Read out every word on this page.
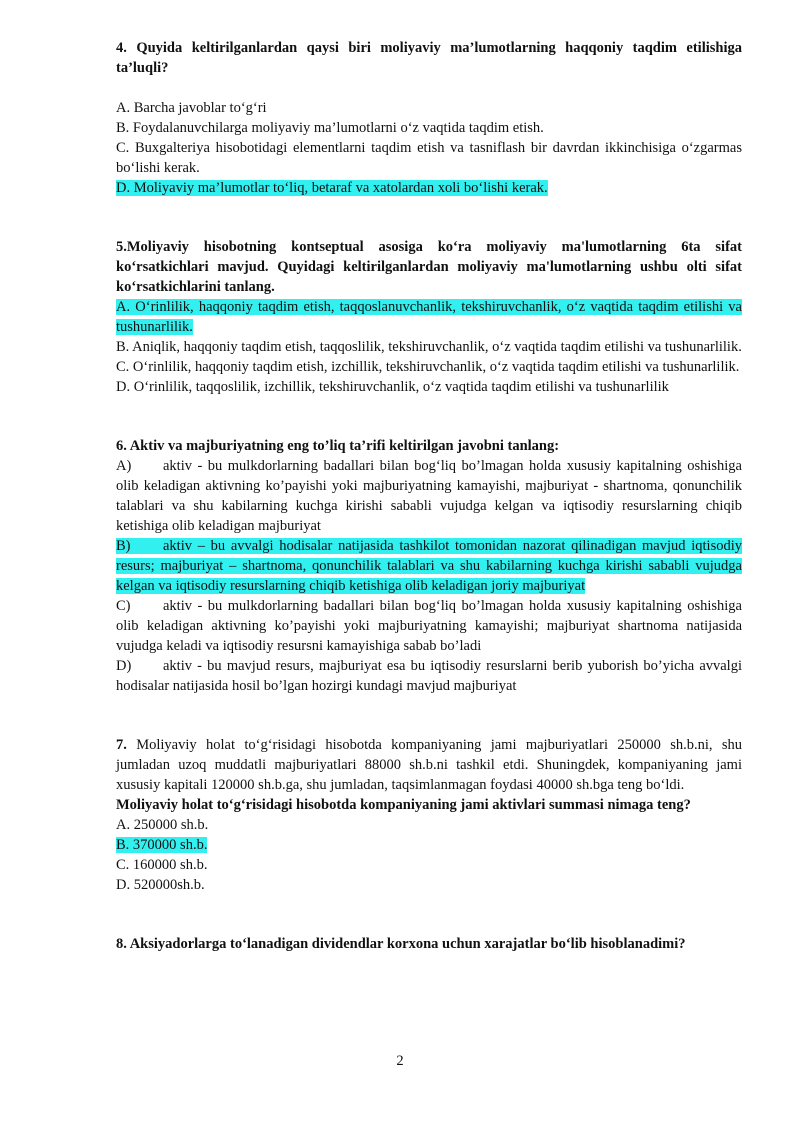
4. Quyida keltirilganlardan qaysi biri moliyaviy ma’lumotlarning haqqoniy taqdim etilishiga ta’luqli?
A. Barcha javoblar to‘g‘ri
B. Foydalanuvchilarga moliyaviy ma’lumotlarni o‘z vaqtida taqdim etish.
C. Buxgalteriya hisobotidagi elementlarni taqdim etish va tasniflash bir davrdan ikkinchisiga o‘zgarmas bo‘lishi kerak.
D. Moliyaviy ma’lumotlar to‘liq, betaraf va xatolardan xoli bo‘lishi kerak.
5.Moliyaviy hisobotning kontseptual asosiga ko‘ra moliyaviy ma'lumotlarning 6ta sifat ko‘rsatkichlari mavjud. Quyidagi keltirilganlardan moliyaviy ma'lumotlarning ushbu olti sifat ko‘rsatkichlarini tanlang.
A. O‘rinlilik, haqqoniy taqdim etish, taqqoslanuvchanlik, tekshiruvchanlik, o‘z vaqtida taqdim etilishi va tushunarlilik.
B. Aniqlik, haqqoniy taqdim etish, taqqoslilik, tekshiruvchanlik, o‘z vaqtida taqdim etilishi va tushunarlilik.
C. O‘rinlilik, haqqoniy taqdim etish, izchillik, tekshiruvchanlik, o‘z vaqtida taqdim etilishi va tushunarlilik.
D. O‘rinlilik, taqqoslilik, izchillik, tekshiruvchanlik, o‘z vaqtida taqdim etilishi va tushunarlilik
6. Aktiv va majburiyatning eng to’liq ta’rifi keltirilgan javobni tanlang:
A) aktiv - bu mulkdorlarning badallari bilan bog‘liq bo’lmagan holda xususiy kapitalning oshishiga olib keladigan aktivning ko’payishi yoki majburiyatning kamayishi, majburiyat - shartnoma, qonunchilik talablari va shu kabilarning kuchga kirishi sababli vujudga kelgan va iqtisodiy resurslarning chiqib ketishiga olib keladigan majburiyat
B) aktiv – bu avvalgi hodisalar natijasida tashkilot tomonidan nazorat qilinadigan mavjud iqtisodiy resurs; majburiyat – shartnoma, qonunchilik talablari va shu kabilarning kuchga kirishi sababli vujudga kelgan va iqtisodiy resurslarning chiqib ketishiga olib keladigan joriy majburiyat
C) aktiv - bu mulkdorlarning badallari bilan bog‘liq bo’lmagan holda xususiy kapitalning oshishiga olib keladigan aktivning ko’payishi yoki majburiyatning kamayishi; majburiyat shartnoma natijasida vujudga keladi va iqtisodiy resursni kamayishiga sabab bo’ladi
D) aktiv - bu mavjud resurs, majburiyat esa bu iqtisodiy resurslarni berib yuborish bo’yicha avvalgi hodisalar natijasida hosil bo’lgan hozirgi kundagi mavjud majburiyat
7. Moliyaviy holat to‘g‘risidagi hisobotda kompaniyaning jami majburiyatlari 250000 sh.b.ni, shu jumladan uzoq muddatli majburiyatlari 88000 sh.b.ni tashkil etdi. Shuningdek, kompaniyaning jami xususiy kapitali 120000 sh.b.ga, shu jumladan, taqsimlanmagan foydasi 40000 sh.bga teng bo‘ldi.
Moliyaviy holat to‘g‘risidagi hisobotda kompaniyaning jami aktivlari summasi nimaga teng?
A. 250000 sh.b.
B. 370000 sh.b.
C. 160000 sh.b.
D. 520000sh.b.
8. Aksiyadorlarga to‘lanadigan dividendlar korxona uchun xarajatlar bo‘lib hisoblanadimi?
2
